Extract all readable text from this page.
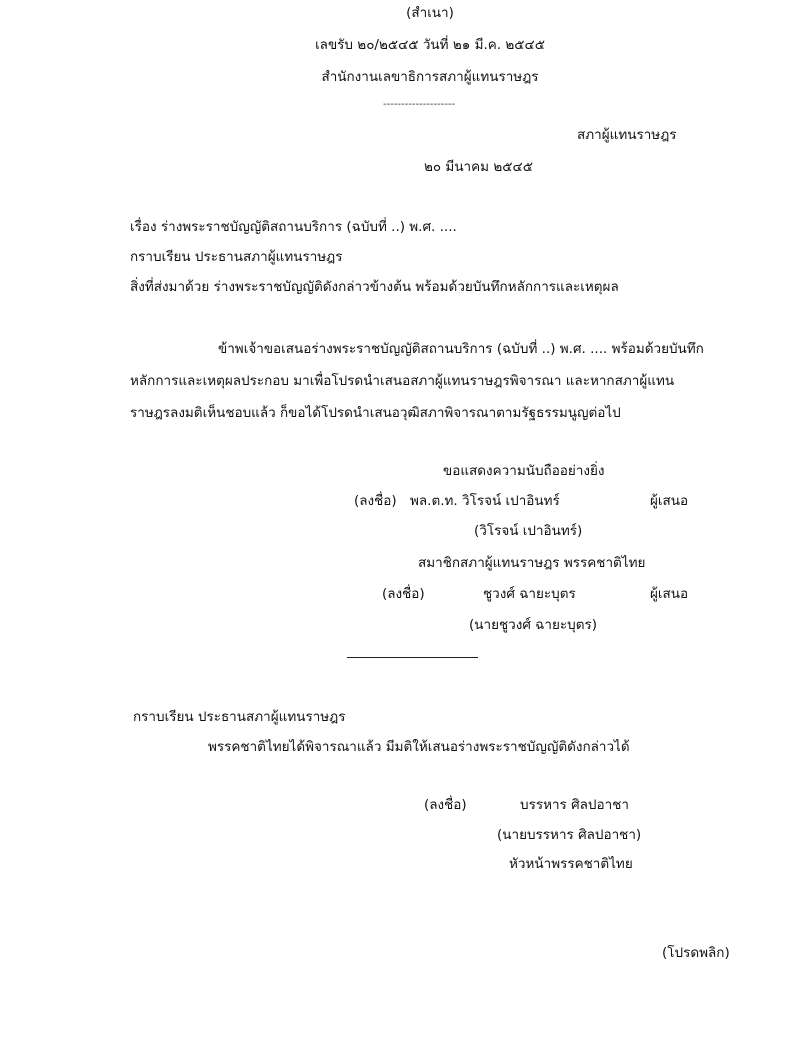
(สำเนา)
เลขรับ ๒๐/๒๕๔๕ วันที่ ๒๑ มี.ค. ๒๕๔๕
สำนักงานเลขาธิการสภาผู้แทนราษฎร
--------------------
สภาผู้แทนราษฎร
๒๐ มีนาคม ๒๕๔๕
เรื่อง ร่างพระราชบัญญัติสถานบริการ (ฉบับที่ ..) พ.ศ. ....
กราบเรียน ประธานสภาผู้แทนราษฎร
สิ่งที่ส่งมาด้วย ร่างพระราชบัญญัติดังกล่าวข้างต้น พร้อมด้วยบันทึกหลักการและเหตุผล
ข้าพเจ้าขอเสนอร่างพระราชบัญญัติสถานบริการ (ฉบับที่ ..) พ.ศ. .... พร้อมด้วยบันทึก
หลักการและเหตุผลประกอบ มาเพื่อโปรดนำเสนอสภาผู้แทนราษฎรพิจารณา และหากสภาผู้แทน
ราษฎรลงมติเห็นชอบแล้ว ก็ขอได้โปรดนำเสนอวุฒิสภาพิจารณาตามรัฐธรรมนูญต่อไป
ขอแสดงความนับถืออย่างยิ่ง
(ลงชื่อ) พล.ต.ท. วิโรจน์ เปาอินทร์	ผู้เสนอ
(วิโรจน์ เปาอินทร์)
สมาชิกสภาผู้แทนราษฎร พรรคชาติไทย
(ลงชื่อ)	ชูวงศ์ ฉายะบุตร	ผู้เสนอ
(นายชูวงศ์ ฉายะบุตร)
กราบเรียน ประธานสภาผู้แทนราษฎร
พรรคชาติไทยได้พิจารณาแล้ว มีมติให้เสนอร่างพระราชบัญญัติดังกล่าวได้
(ลงชื่อ)	บรรหาร ศิลปอาชา
(นายบรรหาร ศิลปอาชา)
หัวหน้าพรรคชาติไทย
(โปรดพลิก)
